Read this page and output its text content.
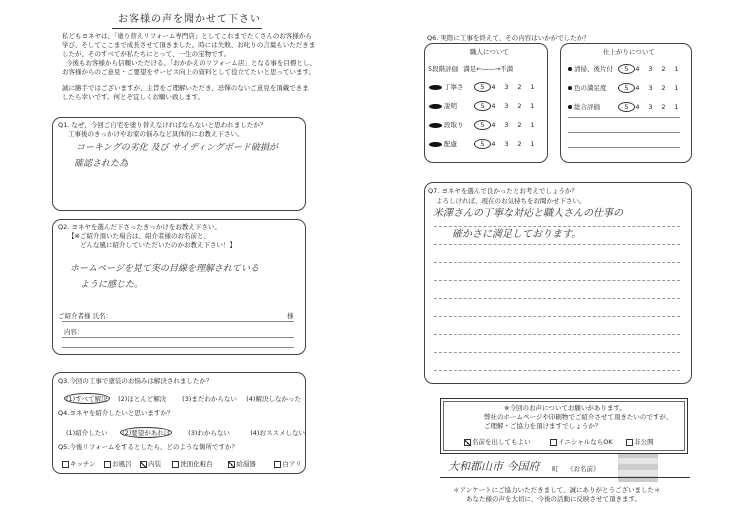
お客様の声を聞かせて下さい
私どもヨネヤは、「塗り替えリフォーム専門店」としてこれまでたくさんのお客様から
学び、そしてここまで成長させて頂きました。時には失敗、お叱りの言葉もいただきま
したが、そのすべてが私たちにとって、一生の宝物です。
今後もお客様から信頼いただける、「おかかえのリフォーム店」となる事を目標とし、
お客様からのご意見・ご要望をサービス向上の資料として役立てたいと思っています。
誠に勝手ではございますが、主旨をご理解いただき、忌憚のないご意見を頂戴できま
したら幸いです。何とぞ宜しくお願い致します。
Q1. なぜ、今回ご自宅を塗り替えなければならないと思われましたか？
工事後のきっかけやお家の悩みなど具体的にお教え下さい。
コーキングの劣化 及び サイディングボード破損が
確認された為
Q2. ヨネヤを選んだ下さったきっかけをお教え下さい。
【※ご紹介頂いた場合は、紹介者様のお名前と、
どんな風に紹介していただいたのかお教え下さい！】
ホームページを見て実の目線を理解されている
ように感じた。
ご紹介者様 氏名：	様
内容：
Q3.今回の工事で塗装のお悩みは解決されましたか？
(1)すべて解決 (2)ほとんど解決 (3)まだわからない (4)解決しなかった
Q4.ヨネヤを紹介したいと思いますか？
(1)紹介したい (2)要望があれば	(3)わからない	(4)おススメしない
Q5.今後リフォームをするとしたら、どのような箇所ですか？
キッチン	お風呂	内装	洗面化粧台	給湯器	白アリ
Q6. 実際に工事を終えて、その内容はいかがでしたか？
職人について
5段階評価 満足←――→不満
丁寧さ	5 4 3 2 1
説明	5 4 3 2 1
段取り	5 4 3 2 1
配慮	5 4 3 2 1
仕上がりについて
清掃、後片付 5 4 3 2 1
色の満足度	5 4 3 2 1
総合評価	5 4 3 2 1
Q7. ヨネヤを選んで良かったとお考えでしょうか？
よろしければ、現在のお気持ちをお聞かせ下さい。
米澤さんの丁寧な対応と職人さんの仕事の
確かさに満足しております。
※今回のお声についてお願いがあります。
弊社のホームページや印刷物でご紹介させて頂きたいのですが、
ご理解・ご協力を頂けますでしょうか？
名前を出してもよい	イニシャルならOK	非公開
大和郡山市 今国府 町 《お名前》
＊アンケートにご協力いただきまして、誠にありがとうございました＊
あなた様の声を大切に、今後の活動に反映させて頂きます。
